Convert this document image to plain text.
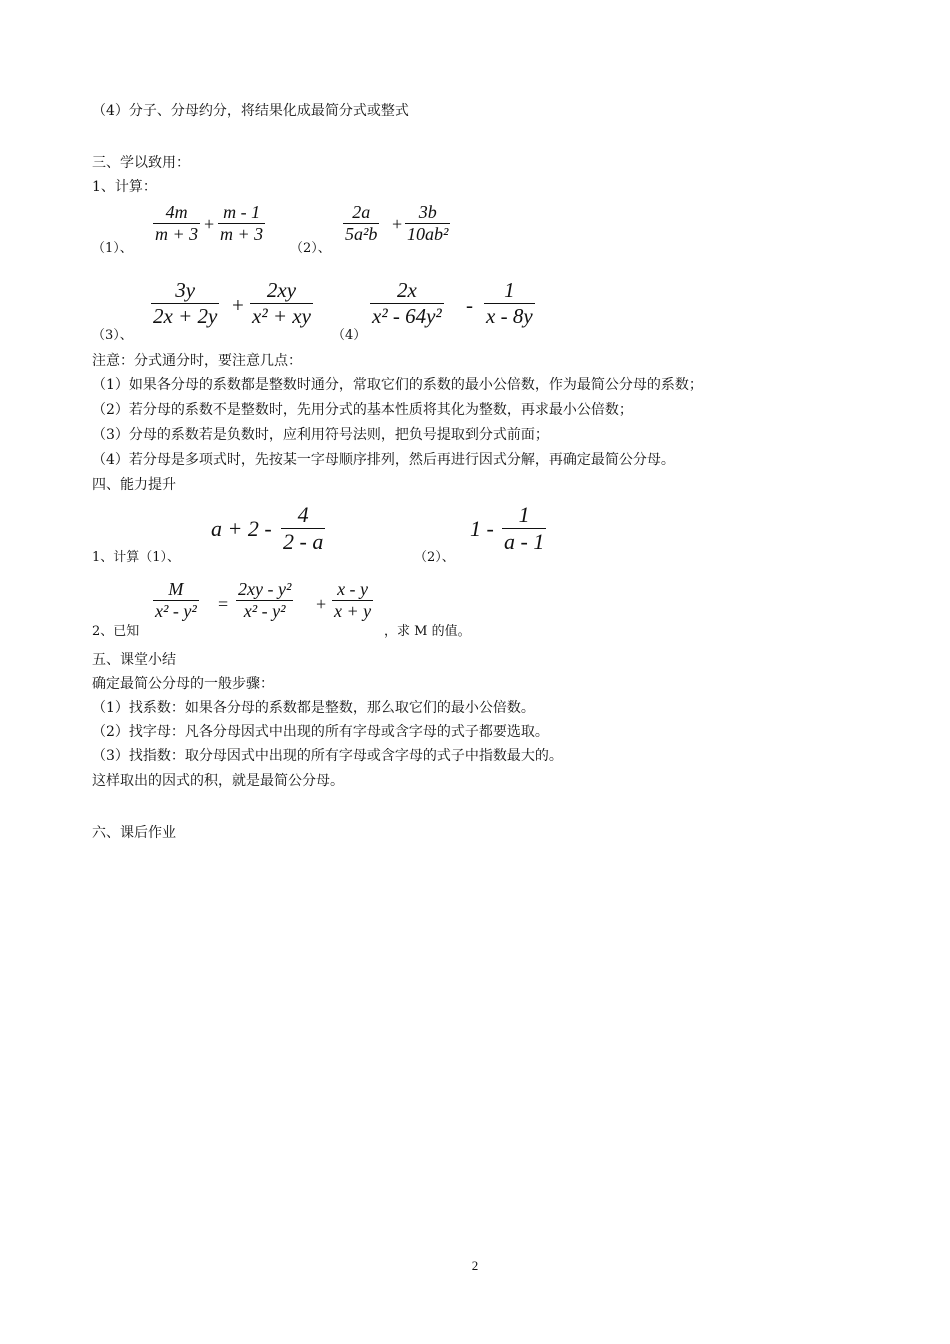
（4）分子、分母约分，将结果化成最简分式或整式
三、学以致用：
1、计算：
（1）、
4m
m + 3 +
m - 1
m + 3
（2）、
2a
5a²b +
3b
10ab²
（3）、
3y
2x + 2y +
2xy
x² + xy
（4）
2x
x² - 64y² -
1
x - 8y
注意：分式通分时，要注意几点：
（1）如果各分母的系数都是整数时通分，常取它们的系数的最小公倍数，作为最简公分母的系数；
（2）若分母的系数不是整数时，先用分式的基本性质将其化为整数，再求最小公倍数；
（3）分母的系数若是负数时，应利用符号法则，把负号提取到分式前面；
（4）若分母是多项式时，先按某一字母顺序排列，然后再进行因式分解，再确定最简公分母。
四、能力提升
1、计算（1）、
a + 2 -
4
2 - a
（2）、
1 -
1
a - 1
2、已知
M
x² - y² =
2xy - y²
x² - y² +
x - y
x + y
，求 M 的值。
五、课堂小结
确定最简公分母的一般步骤：
（1）找系数：如果各分母的系数都是整数，那么取它们的最小公倍数。
（2）找字母：凡各分母因式中出现的所有字母或含字母的式子都要选取。
（3）找指数：取分母因式中出现的所有字母或含字母的式子中指数最大的。
这样取出的因式的积，就是最简公分母。
六、课后作业
2
